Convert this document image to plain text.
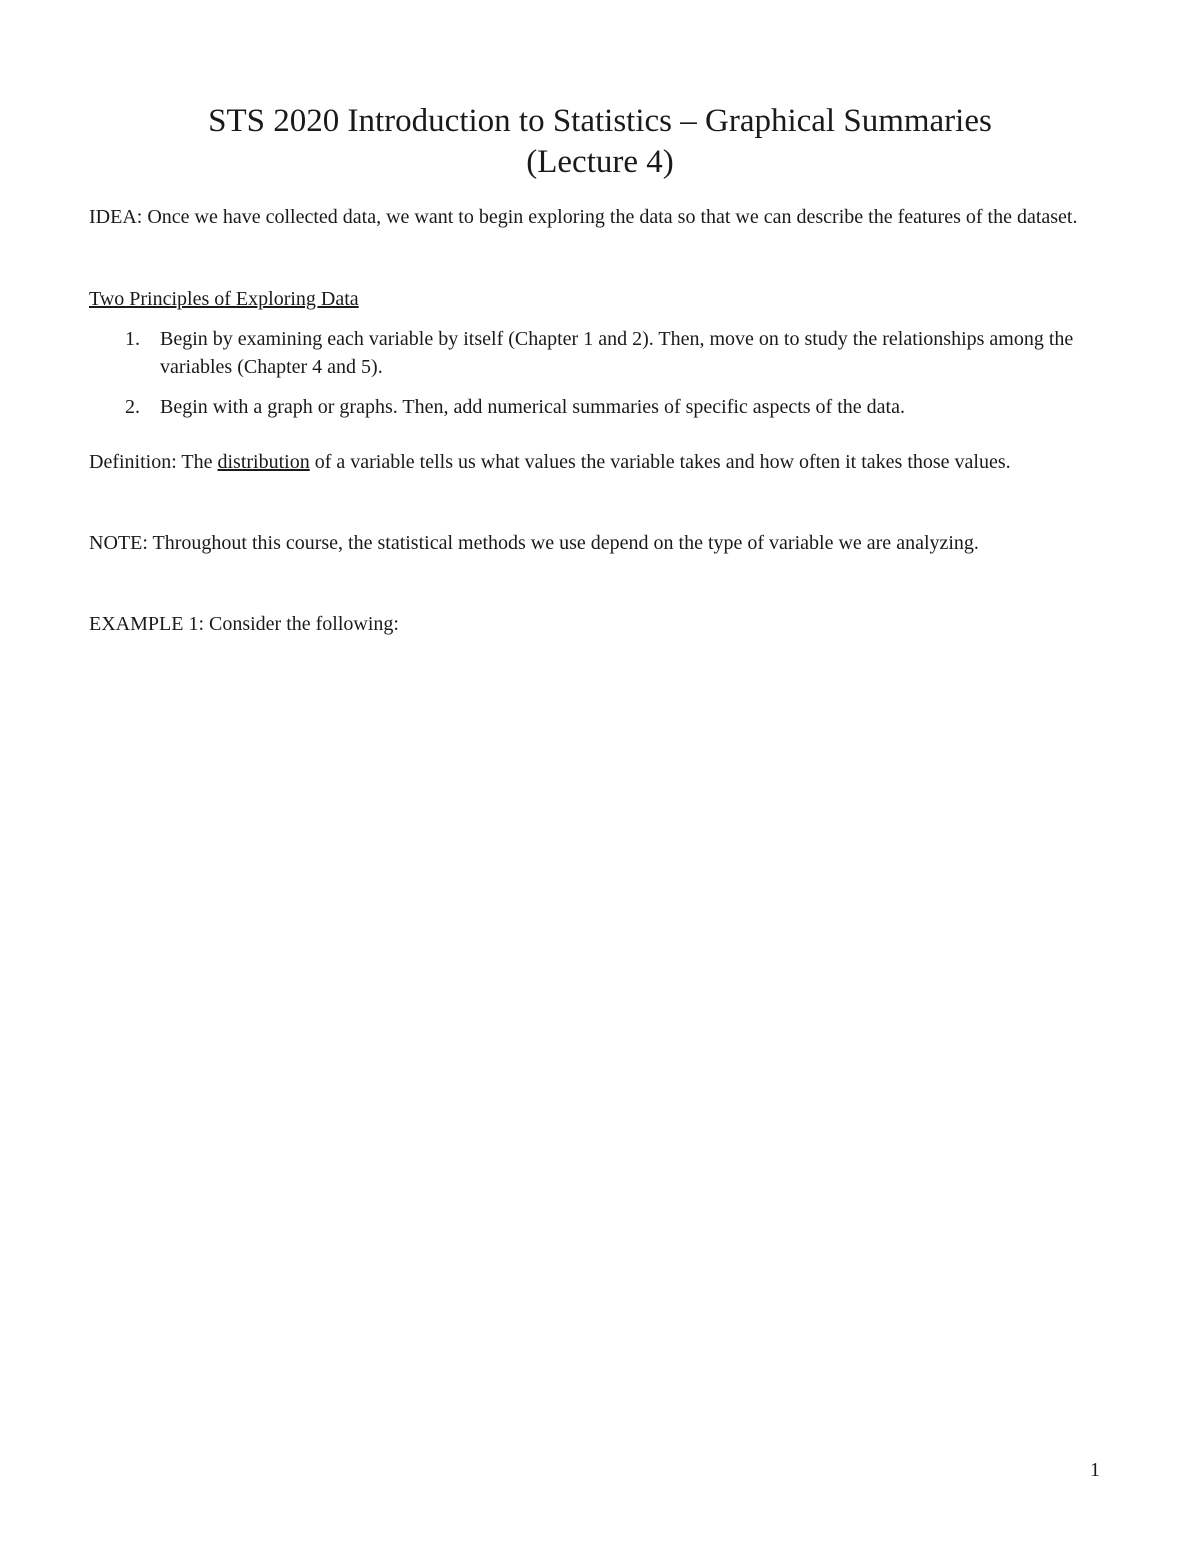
STS 2020 Introduction to Statistics – Graphical Summaries
(Lecture 4)

IDEA: Once we have collected data, we want to begin exploring the data so that we can describe the features of the dataset.

Two Principles of Exploring Data

1. Begin by examining each variable by itself (Chapter 1 and 2). Then, move on to study the relationships among the variables (Chapter 4 and 5).
2. Begin with a graph or graphs. Then, add numerical summaries of specific aspects of the data.

Definition: The distribution of a variable tells us what values the variable takes and how often it takes those values.

NOTE: Throughout this course, the statistical methods we use depend on the type of variable we are analyzing.

EXAMPLE 1: Consider the following:

1
